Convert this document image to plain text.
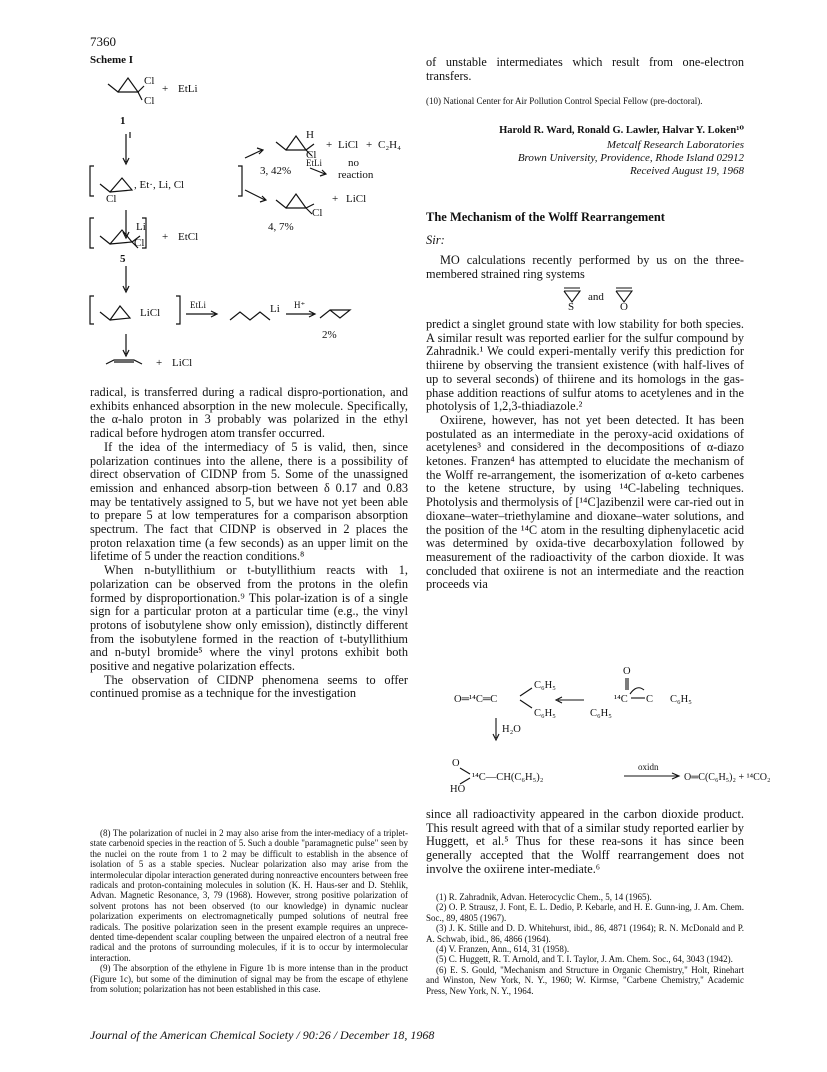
7360
Scheme I
Cl
Cl
+ EtLi
1
, Et·, Li, Cl
Cl
H
Cl
+ LiCl + C₂H₄
3, 42%
EtLi no
reaction
Cl
+ LiCl
4, 7%
Li
Cl + EtCl
5
LiCl
EtLi	Li H⁺
2%
+ LiCl

radical, is transferred during a radical dispro-portionation, and exhibits enhanced absorption in the new molecule. Specifically, the α-halo proton in 3 probably was polarized in the ethyl radical before hydrogen atom transfer occurred.

If the idea of the intermediacy of 5 is valid, then, since polarization continues into the allene, there is a possibility of direct observation of CIDNP from 5. Some of the unassigned emission and enhanced absorp-tion between δ 0.17 and 0.83 may be tentatively assigned to 5, but we have not yet been able to prepare 5 at low temperatures for a comparison absorption spectrum. The fact that CIDNP is observed in 2 places the proton relaxation time (a few seconds) as an upper limit on the lifetime of 5 under the reaction conditions.⁸

When n-butyllithium or t-butyllithium reacts with 1, polarization can be observed from the protons in the olefin formed by disproportionation.⁹ This polar-ization is of a single sign for a particular proton at a particular time (e.g., the vinyl protons of isobutylene show only emission), distinctly different from the isobutylene formed in the reaction of t-butyllithium and n-butyl bromide⁵ where the vinyl protons exhibit both positive and negative polarization effects.

The observation of CIDNP phenomena seems to offer continued promise as a technique for the investigation

(8) The polarization of nuclei in 2 may also arise from the inter-mediacy of a triplet-state carbenoid species in the reaction of 5. Such a double "paramagnetic pulse" seen by the nuclei on the route from 1 to 2 may be difficult to establish in the absence of isolation of 5 as a stable species. Nuclear polarization also may arise from the intermolecular dipolar interaction generated during nonreactive encounters between free radicals and proton-containing molecules in solution (K. H. Haus-ser and D. Stehlik, Advan. Magnetic Resonance, 3, 79 (1968). However, strong positive polarization of solvent protons has not been observed (to our knowledge) in dynamic nuclear polarization experiments on electromagnetically pumped solutions of neutral free radicals. The positive polarization seen in the present example requires an unprece-dented time-dependent scalar coupling between the unpaired electron of a neutral free radical and the protons of surrounding molecules, if it is to occur by intermolecular interaction.

(9) The absorption of the ethylene in Figure 1b is more intense than in the product (Figure 1c), but some of the diminution of signal may be from the escape of ethylene from solution; polarization has not been established in this case.

of unstable intermediates which result from one-electron transfers.

(10) National Center for Air Pollution Control Special Fellow (pre-doctoral).
Harold R. Ward, Ronald G. Lawler, Halvar Y. Loken¹⁰
Metcalf Research Laboratories
Brown University, Providence, Rhode Island 02912
Received August 19, 1968
The Mechanism of the Wolff Rearrangement
Sir:

MO calculations recently performed by us on the three-membered strained ring systems

S
and
O

predict a singlet ground state with low stability for both species. A similar result was reported earlier for the sulfur compound by Zahradnik.¹ We could experi-mentally verify this prediction for thiirene by observing the transient existence (with half-lives of up to several seconds) of thiirene and its homologs in the gas-phase addition reactions of sulfur atoms to acetylenes and in the photolysis of 1,2,3-thiadiazole.²

Oxiirene, however, has not yet been detected. It has been postulated as an intermediate in the peroxy-acid oxidations of acetylenes³ and considered in the decompositions of α-diazo ketones. Franzen⁴ has attempted to elucidate the mechanism of the Wolff re-arrangement, the isomerization of α-keto carbenes to the ketene structure, by using ¹⁴C-labeling techniques. Photolysis and thermolysis of [¹⁴C]azibenzil were car-ried out in dioxane–water–triethylamine and dioxane–water solutions, and the position of the ¹⁴C atom in the resulting diphenylacetic acid was determined by oxida-tive decarboxylation followed by measurement of the radioactivity of the carbon dioxide. It was concluded that oxiirene is not an intermediate and the reaction proceeds via

O═¹⁴C═C
C₆H₅
C₆H₅
O
¹⁴C C C₆H₅
C₆H₅
H₂O
O
HO
¹⁴C—CH(C₆H₅)₂
oxidn
O═C(C₆H₅)₂ + ¹⁴CO₂

since all radioactivity appeared in the carbon dioxide product. This result agreed with that of a similar study reported earlier by Huggett, et al.⁵ Thus for these rea-sons it has since been generally accepted that the Wolff rearrangement does not involve the oxiirene inter-mediate.⁶

(1) R. Zahradnik, Advan. Heterocyclic Chem., 5, 14 (1965).

(2) O. P. Strausz, J. Font, E. L. Dedio, P. Kebarle, and H. E. Gunn-ing, J. Am. Chem. Soc., 89, 4805 (1967).

(3) J. K. Stille and D. D. Whitehurst, ibid., 86, 4871 (1964); R. N. McDonald and P. A. Schwab, ibid., 86, 4866 (1964).

(4) V. Franzen, Ann., 614, 31 (1958).

(5) C. Huggett, R. T. Arnold, and T. I. Taylor, J. Am. Chem. Soc., 64, 3043 (1942).

(6) E. S. Gould, "Mechanism and Structure in Organic Chemistry," Holt, Rinehart and Winston, New York, N. Y., 1960; W. Kirmse, "Carbene Chemistry," Academic Press, New York, N. Y., 1964.

Journal of the American Chemical Society / 90:26 / December 18, 1968
